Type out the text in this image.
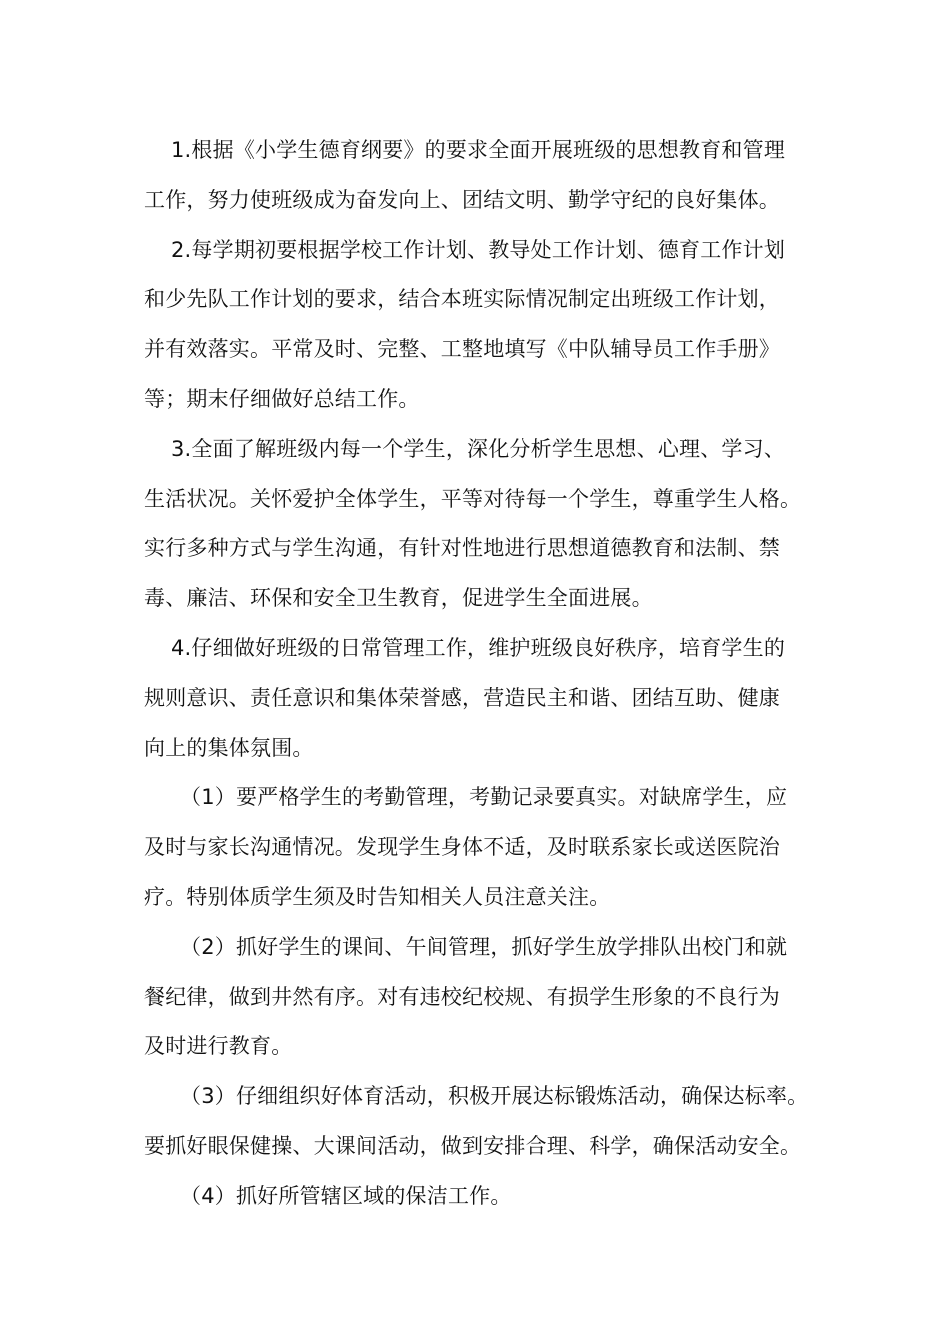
1.根据《小学生德育纲要》的要求全面开展班级的思想教育和管理
工作，努力使班级成为奋发向上、团结文明、勤学守纪的良好集体。
2.每学期初要根据学校工作计划、教导处工作计划、德育工作计划
和少先队工作计划的要求，结合本班实际情况制定出班级工作计划，
并有效落实。平常及时、完整、工整地填写《中队辅导员工作手册》
等；期末仔细做好总结工作。
3.全面了解班级内每一个学生，深化分析学生思想、心理、学习、
生活状况。关怀爱护全体学生，平等对待每一个学生，尊重学生人格。
实行多种方式与学生沟通，有针对性地进行思想道德教育和法制、禁
毒、廉洁、环保和安全卫生教育，促进学生全面进展。
4.仔细做好班级的日常管理工作，维护班级良好秩序，培育学生的
规则意识、责任意识和集体荣誉感，营造民主和谐、团结互助、健康
向上的集体氛围。
（1）要严格学生的考勤管理，考勤记录要真实。对缺席学生，应
及时与家长沟通情况。发现学生身体不适，及时联系家长或送医院治
疗。特别体质学生须及时告知相关人员注意关注。
（2）抓好学生的课间、午间管理，抓好学生放学排队出校门和就
餐纪律，做到井然有序。对有违校纪校规、有损学生形象的不良行为
及时进行教育。
（3）仔细组织好体育活动，积极开展达标锻炼活动，确保达标率。
要抓好眼保健操、大课间活动，做到安排合理、科学，确保活动安全。
（4）抓好所管辖区域的保洁工作。
